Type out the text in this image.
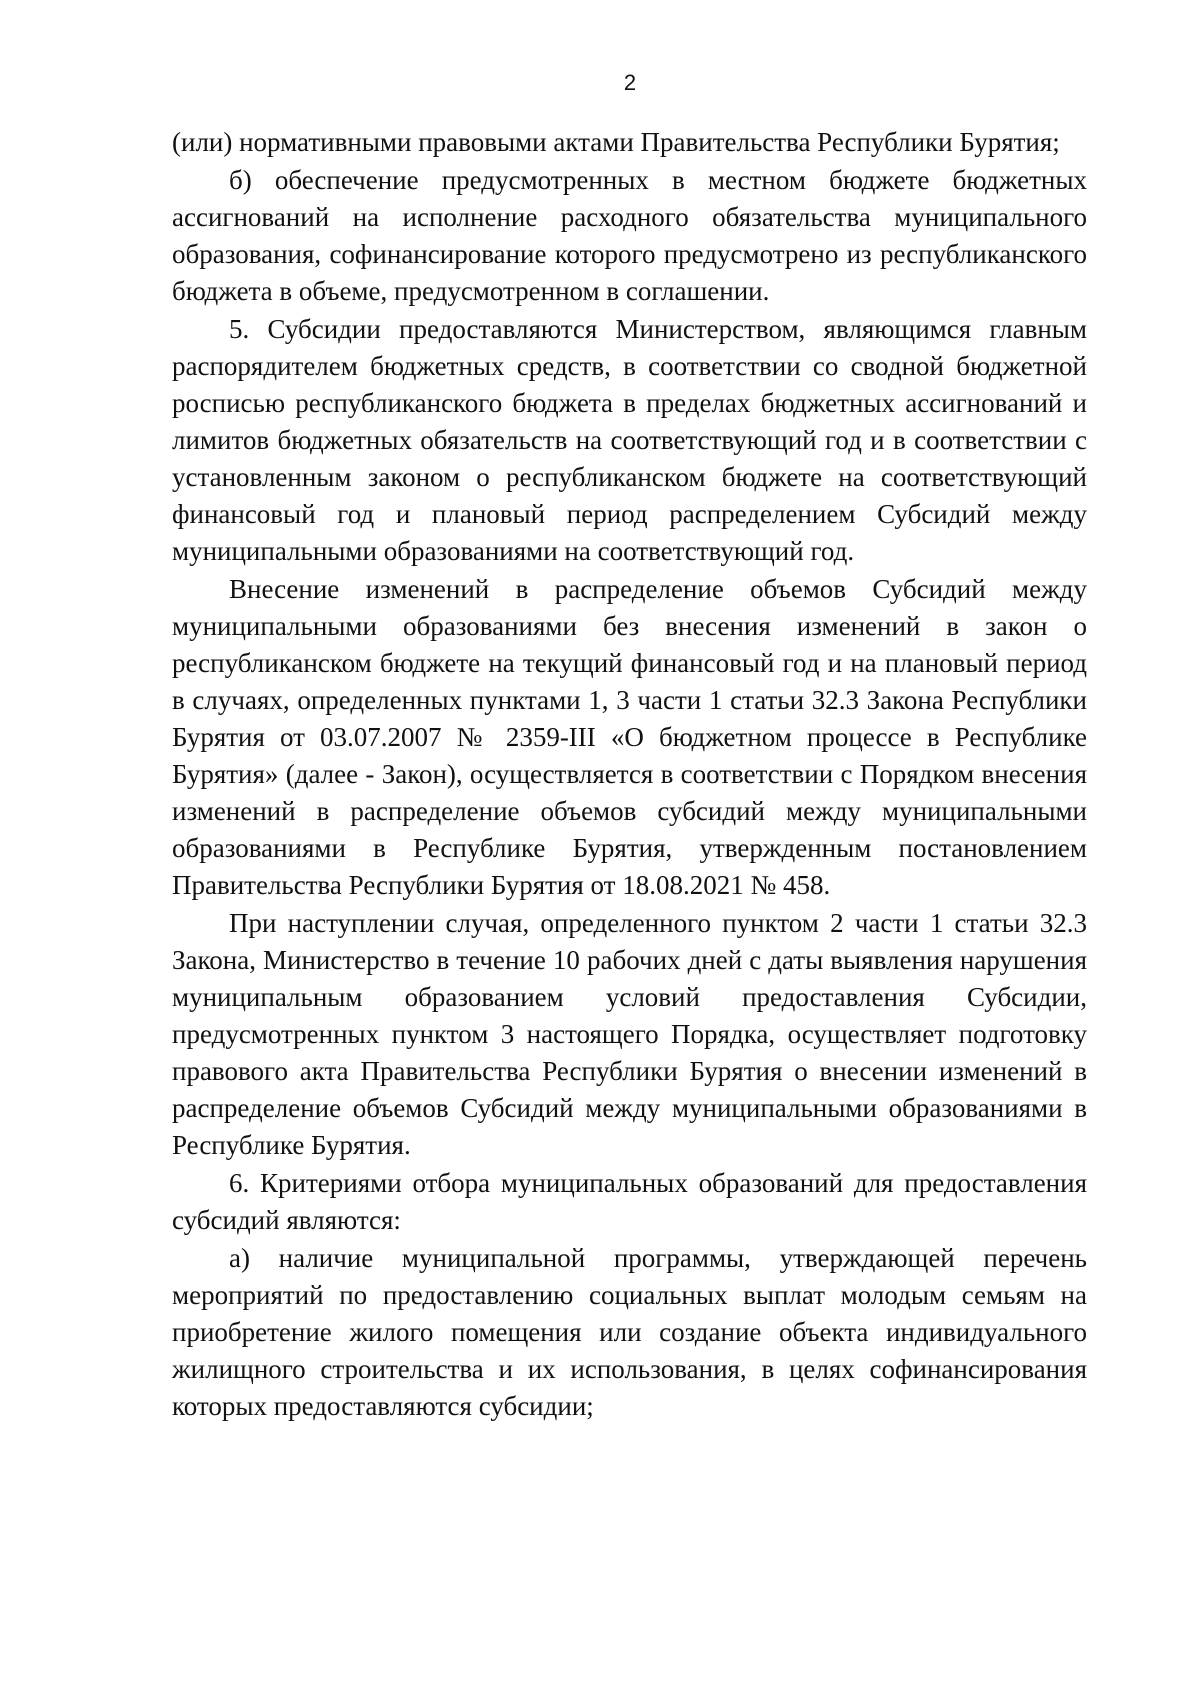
2

(или) нормативными правовыми актами Правительства Республики Бурятия;

б) обеспечение предусмотренных в местном бюджете бюджетных ассигнований на исполнение расходного обязательства муниципального образования, софинансирование которого предусмотрено из республиканского бюджета в объеме, предусмотренном в соглашении.

5. Субсидии предоставляются Министерством, являющимся главным распорядителем бюджетных средств, в соответствии со сводной бюджетной росписью республиканского бюджета в пределах бюджетных ассигнований и лимитов бюджетных обязательств на соответствующий год и в соответствии с установленным законом о республиканском бюджете на соответствующий финансовый год и плановый период распределением Субсидий между муниципальными образованиями на соответствующий год.

Внесение изменений в распределение объемов Субсидий между муниципальными образованиями без внесения изменений в закон о республиканском бюджете на текущий финансовый год и на плановый период в случаях, определенных пунктами 1, 3 части 1 статьи 32.3 Закона Республики Бурятия от 03.07.2007 № 2359-III «О бюджетном процессе в Республике Бурятия» (далее - Закон), осуществляется в соответствии с Порядком внесения изменений в распределение объемов субсидий между муниципальными образованиями в Республике Бурятия, утвержденным постановлением Правительства Республики Бурятия от 18.08.2021 № 458.

При наступлении случая, определенного пунктом 2 части 1 статьи 32.3 Закона, Министерство в течение 10 рабочих дней с даты выявления нарушения муниципальным образованием условий предоставления Субсидии, предусмотренных пунктом 3 настоящего Порядка, осуществляет подготовку правового акта Правительства Республики Бурятия о внесении изменений в распределение объемов Субсидий между муниципальными образованиями в Республике Бурятия.

6. Критериями отбора муниципальных образований для предоставления субсидий являются:

а) наличие муниципальной программы, утверждающей перечень мероприятий по предоставлению социальных выплат молодым семьям на приобретение жилого помещения или создание объекта индивидуального жилищного строительства и их использования, в целях софинансирования которых предоставляются субсидии;
